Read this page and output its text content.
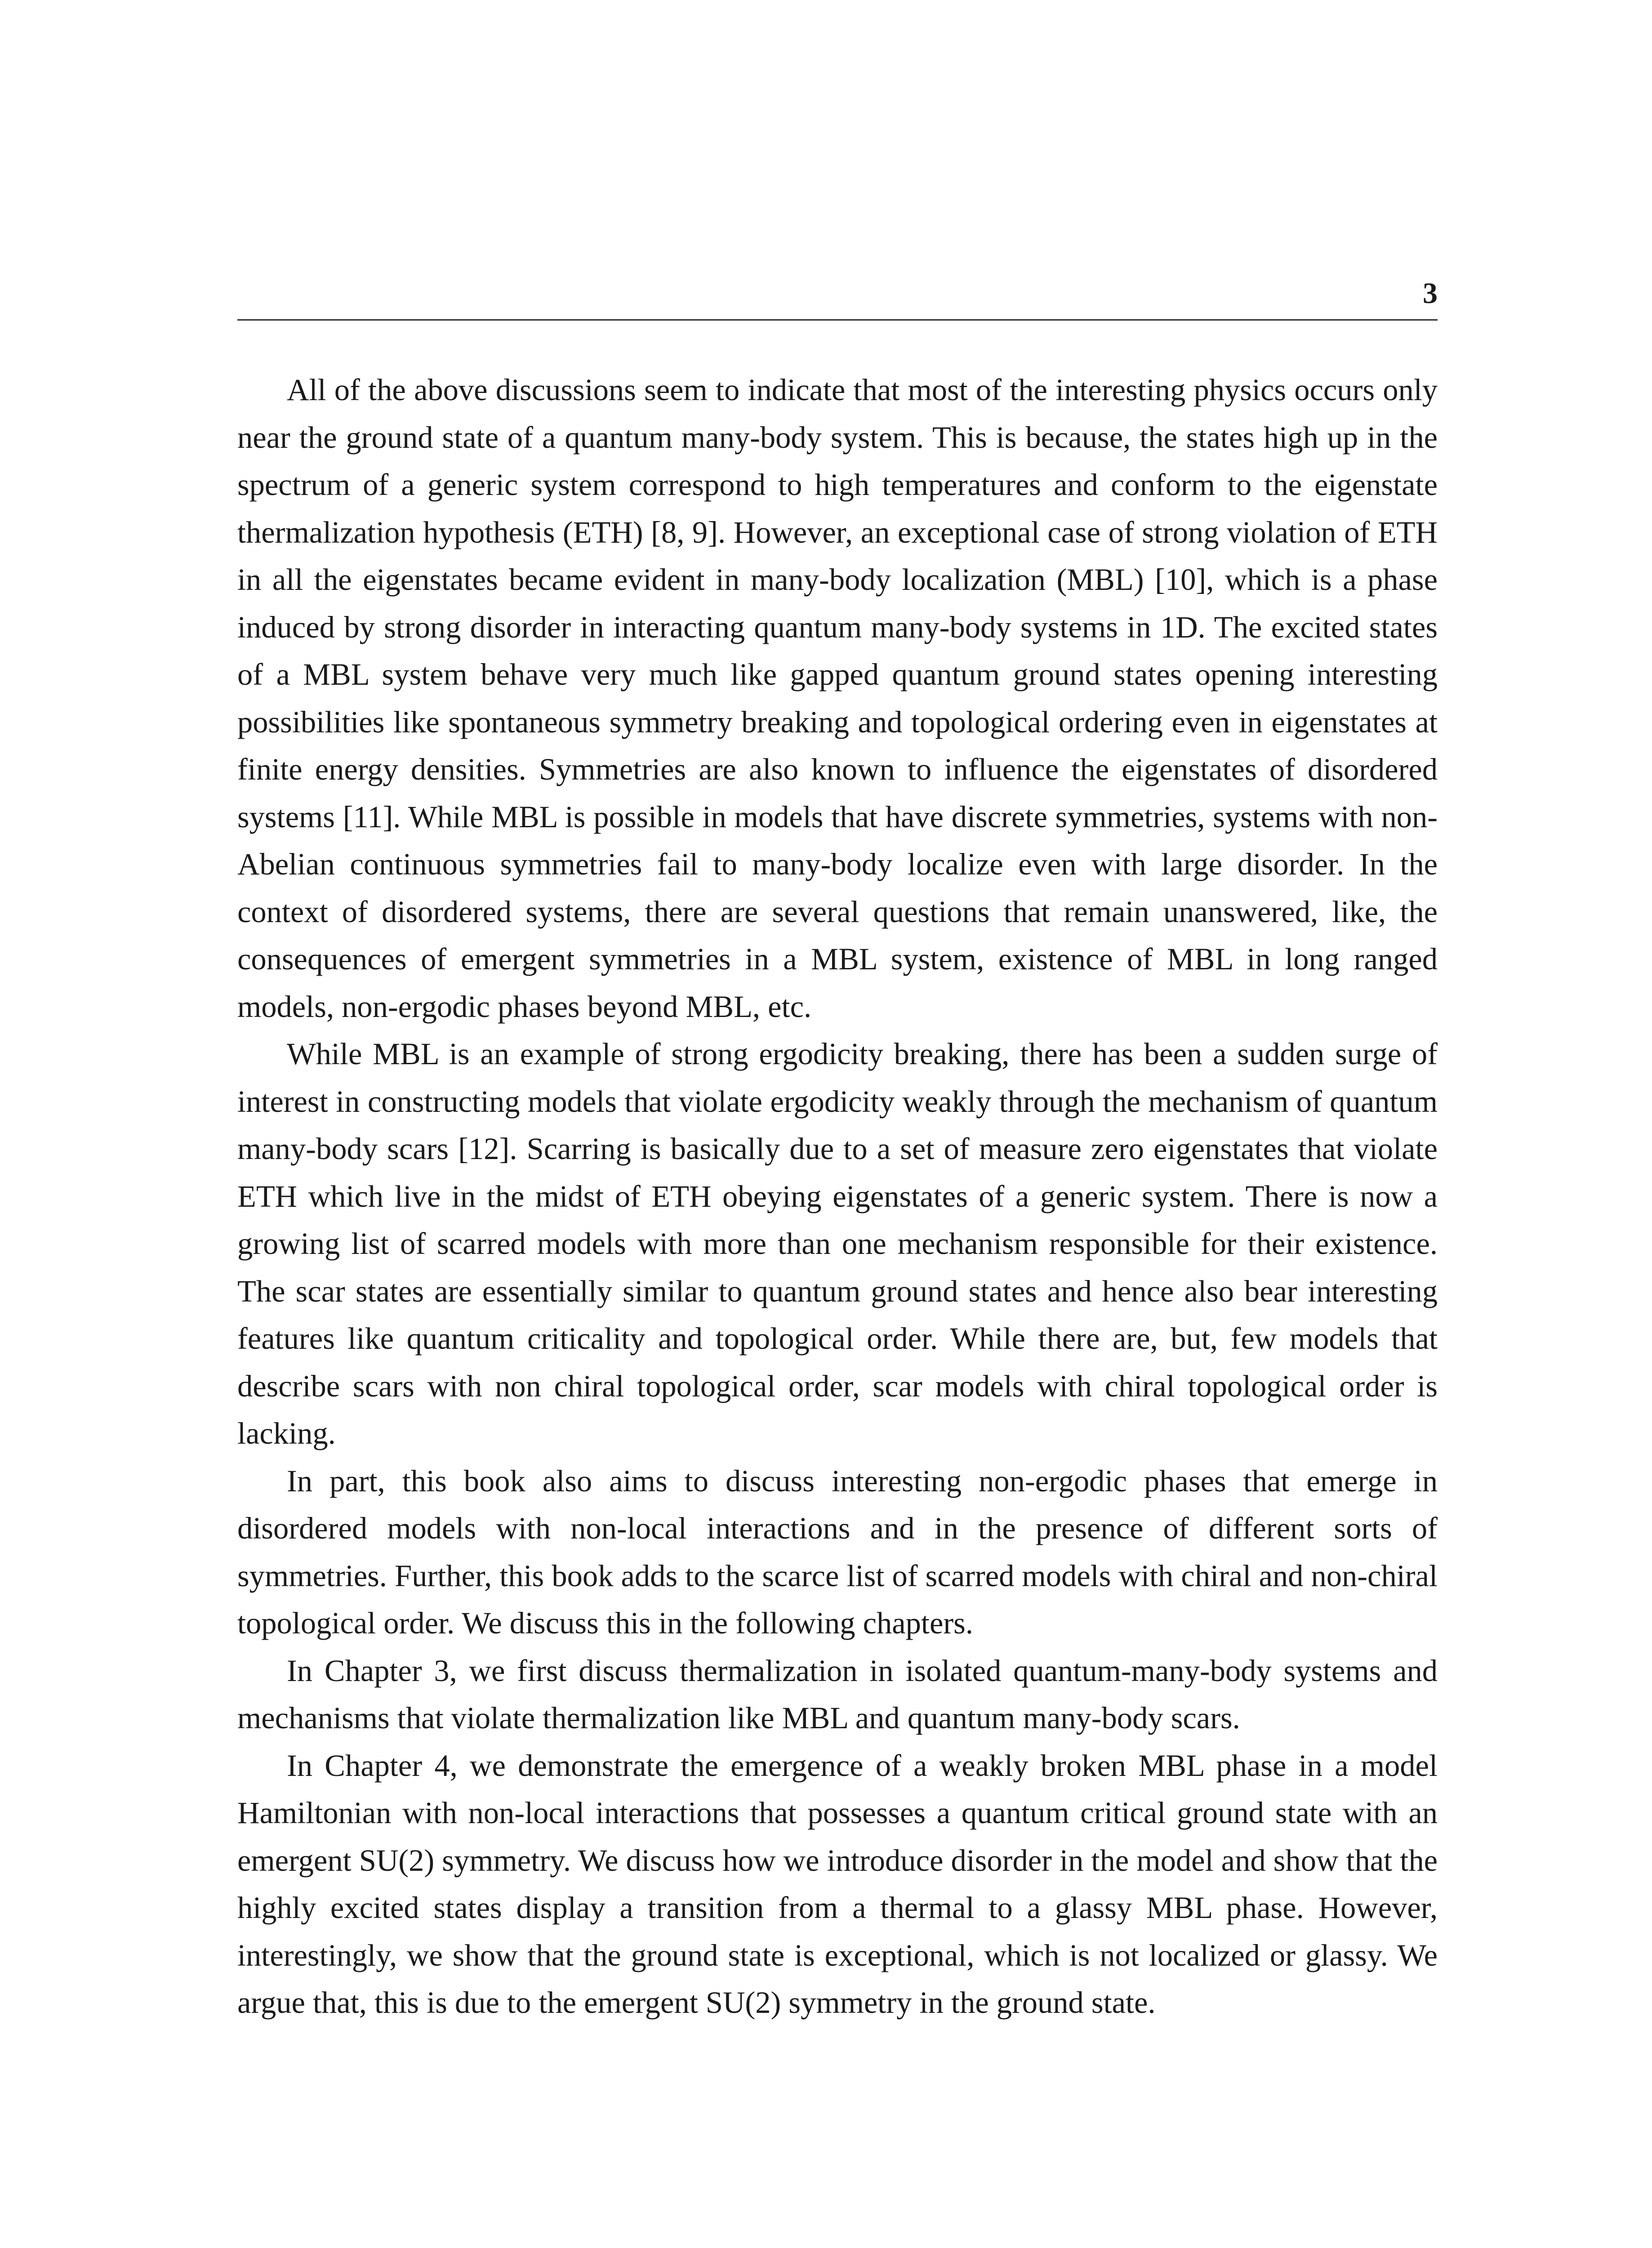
3

All of the above discussions seem to indicate that most of the interesting physics occurs only near the ground state of a quantum many-body system. This is because, the states high up in the spectrum of a generic system correspond to high temperatures and conform to the eigenstate thermalization hypothesis (ETH) [8, 9]. However, an exceptional case of strong violation of ETH in all the eigenstates became evident in many-body localization (MBL) [10], which is a phase induced by strong disorder in interacting quantum many-body systems in 1D. The excited states of a MBL system behave very much like gapped quantum ground states opening interesting possibilities like spontaneous symmetry breaking and topological ordering even in eigenstates at finite energy densities. Symmetries are also known to influence the eigenstates of disordered systems [11]. While MBL is possible in models that have discrete symmetries, systems with non-Abelian continuous symmetries fail to many-body localize even with large disorder. In the context of disordered systems, there are several questions that remain unanswered, like, the consequences of emergent symmetries in a MBL system, existence of MBL in long ranged models, non-ergodic phases beyond MBL, etc.

While MBL is an example of strong ergodicity breaking, there has been a sudden surge of interest in constructing models that violate ergodicity weakly through the mechanism of quantum many-body scars [12]. Scarring is basically due to a set of measure zero eigenstates that violate ETH which live in the midst of ETH obeying eigenstates of a generic system. There is now a growing list of scarred models with more than one mechanism responsible for their existence. The scar states are essentially similar to quantum ground states and hence also bear interesting features like quantum criticality and topological order. While there are, but, few models that describe scars with non chiral topological order, scar models with chiral topological order is lacking.

In part, this book also aims to discuss interesting non-ergodic phases that emerge in disordered models with non-local interactions and in the presence of different sorts of symmetries. Further, this book adds to the scarce list of scarred models with chiral and non-chiral topological order. We discuss this in the following chapters.

In Chapter 3, we first discuss thermalization in isolated quantum-many-body systems and mechanisms that violate thermalization like MBL and quantum many-body scars.

In Chapter 4, we demonstrate the emergence of a weakly broken MBL phase in a model Hamiltonian with non-local interactions that possesses a quantum critical ground state with an emergent SU(2) symmetry. We discuss how we introduce disorder in the model and show that the highly excited states display a transition from a thermal to a glassy MBL phase. However, interestingly, we show that the ground state is exceptional, which is not localized or glassy. We argue that, this is due to the emergent SU(2) symmetry in the ground state.
